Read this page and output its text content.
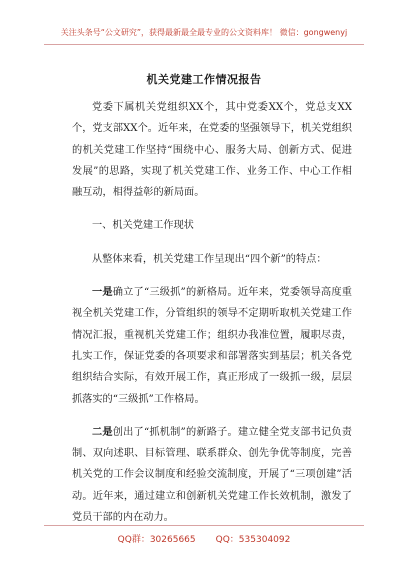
关注头条号“公文研究”，获得最新最全最专业的公文资料库！ 微信：gongwenyj
机关党建工作情况报告

党委下属机关党组织XX个，其中党委XX个，党总支XX个，党支部XX个。近年来，在党委的坚强领导下，机关党组织的机关党建工作坚持“围绕中心、服务大局、创新方式、促进发展”的思路，实现了机关党建工作、业务工作、中心工作相融互动，相得益彰的新局面。

一、机关党建工作现状

从整体来看，机关党建工作呈现出“四个新”的特点：

一是确立了“三级抓”的新格局。近年来，党委领导高度重视全机关党建工作，分管组织的领导不定期听取机关党建工作情况汇报，重视机关党建工作；组织办我准位置，履职尽责，扎实工作，保证党委的各项要求和部署落实到基层；机关各党组织结合实际，有效开展工作，真正形成了一级抓一级，层层抓落实的“三级抓”工作格局。

二是创出了“抓机制”的新路子。建立健全党支部书记负责制、双向述职、目标管理、联系群众、创先争优等制度，完善机关党的工作会议制度和经验交流制度，开展了“三项创建”活动。近年来，通过建立和创新机关党建工作长效机制，激发了党员干部的内在动力。

QQ群：30265665 QQ：535304092
